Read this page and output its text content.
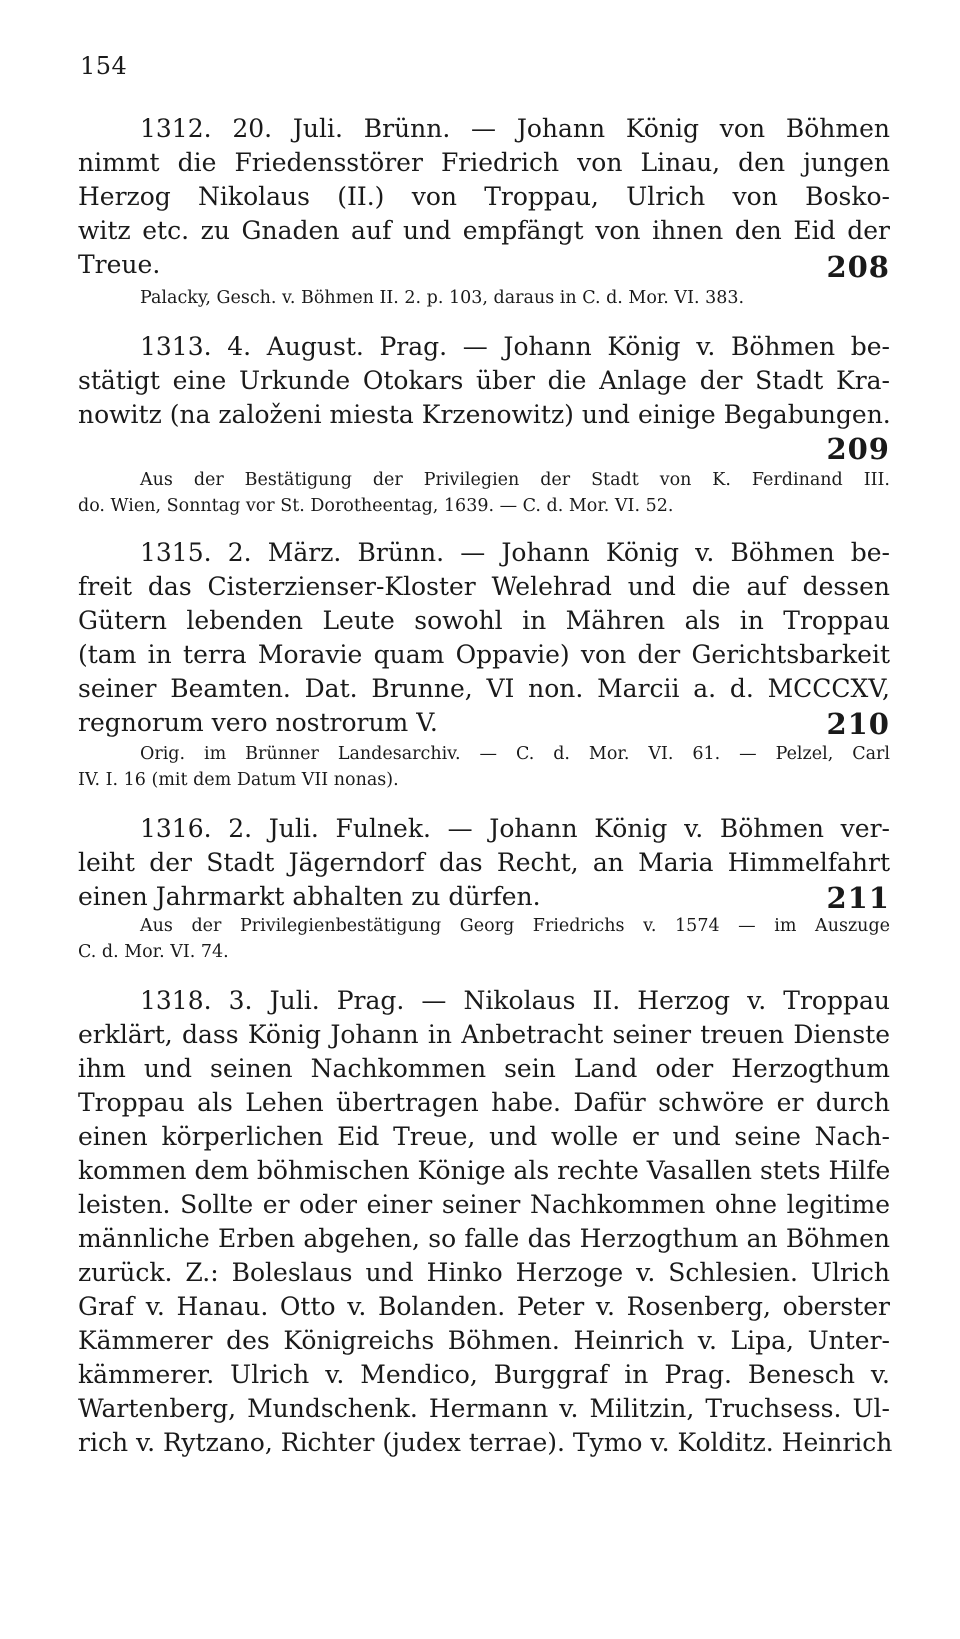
154
1312. 20. Juli. Brünn. — Johann König von Böhmen
nimmt die Friedensstörer Friedrich von Linau, den jungen
Herzog Nikolaus (II.) von Troppau, Ulrich von Bosko-
witz etc. zu Gnaden auf und empfängt von ihnen den Eid der
Treue.	208
Palacky, Gesch. v. Böhmen II. 2. p. 103, daraus in C. d. Mor. VI. 383.
1313. 4. August. Prag. — Johann König v. Böhmen be-
stätigt eine Urkunde Otokars über die Anlage der Stadt Kra-
nowitz (na založeni miesta Krzenowitz) und einige Begabungen.
209
Aus der Bestätigung der Privilegien der Stadt von K. Ferdinand III.
do. Wien, Sonntag vor St. Dorotheentag, 1639. — C. d. Mor. VI. 52.
1315. 2. März. Brünn. — Johann König v. Böhmen be-
freit das Cisterzienser-Kloster Welehrad und die auf dessen
Gütern lebenden Leute sowohl in Mähren als in Troppau
(tam in terra Moravie quam Oppavie) von der Gerichtsbarkeit
seiner Beamten. Dat. Brunne, VI non. Marcii a. d. MCCCXV,
regnorum vero nostrorum V.	210
Orig. im Brünner Landesarchiv. — C. d. Mor. VI. 61. — Pelzel, Carl
IV. I. 16 (mit dem Datum VII nonas).
1316. 2. Juli. Fulnek. — Johann König v. Böhmen ver-
leiht der Stadt Jägerndorf das Recht, an Maria Himmelfahrt
einen Jahrmarkt abhalten zu dürfen.	211
Aus der Privilegienbestätigung Georg Friedrichs v. 1574 — im Auszuge
C. d. Mor. VI. 74.
1318. 3. Juli. Prag. — Nikolaus II. Herzog v. Troppau
erklärt, dass König Johann in Anbetracht seiner treuen Dienste
ihm und seinen Nachkommen sein Land oder Herzogthum
Troppau als Lehen übertragen habe. Dafür schwöre er durch
einen körperlichen Eid Treue, und wolle er und seine Nach-
kommen dem böhmischen Könige als rechte Vasallen stets Hilfe
leisten. Sollte er oder einer seiner Nachkommen ohne legitime
männliche Erben abgehen, so falle das Herzogthum an Böhmen
zurück. Z.: Boleslaus und Hinko Herzoge v. Schlesien. Ulrich
Graf v. Hanau. Otto v. Bolanden. Peter v. Rosenberg, oberster
Kämmerer des Königreichs Böhmen. Heinrich v. Lipa, Unter-
kämmerer. Ulrich v. Mendico, Burggraf in Prag. Benesch v.
Wartenberg, Mundschenk. Hermann v. Militzin, Truchsess. Ul-
rich v. Rytzano, Richter (judex terrae). Tymo v. Kolditz. Heinrich
